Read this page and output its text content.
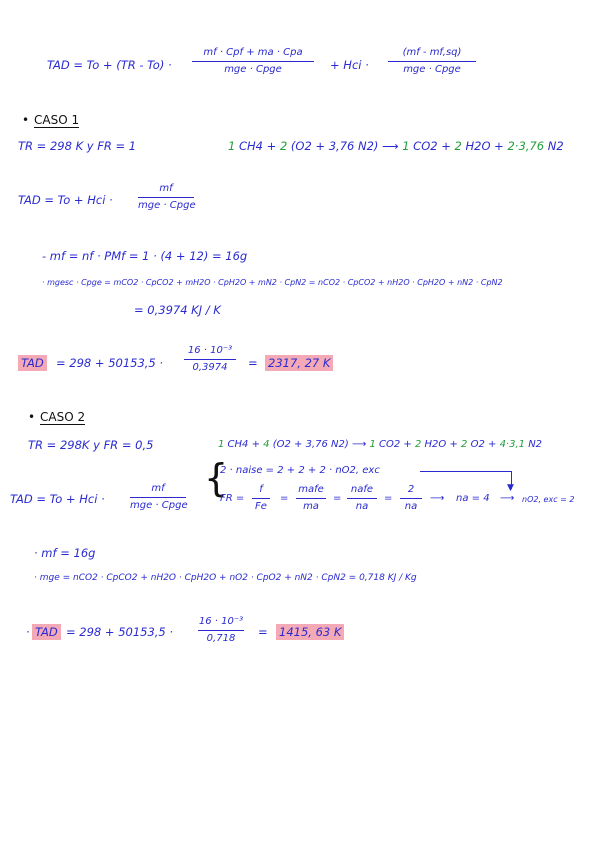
TAD = To + (TR - To) ·
mf · Cpf + ma · Cpa
mge · Cpge	+ Hci ·
(mf - mf,sq)
mge · Cpge
• CASO 1
TR = 298 K y FR = 1	1 CH4 + 2 (O2 + 3,76 N2) ⟶ 1 CO2 + 2 H2O + 2·3,76 N2
TAD = To + Hci ·
mf
mge · Cpge
- mf = nf · PMf = 1 · (4 + 12) = 16g
· mgesc · Cpge = mCO2 · CpCO2 + mH2O · CpH2O + mN2 · CpN2 = nCO2 · CpCO2 + nH2O · CpH2O + nN2 · CpN2
= 0,3974 KJ / K
TAD = 298 + 50153,5 ·
16 · 10⁻³
0,3974	= 2317, 27 K
• CASO 2
TR = 298K y FR = 0,5	1 CH4 + 4 (O2 + 3,76 N2) ⟶ 1 CO2 + 2 H2O + 2 O2 + 4·3,1 N2
TAD = To + Hci ·
mf
mge · Cpge
{
2 · naise = 2 + 2 + 2 · nO2, exc
▼
FR =
f
Fe
=
mafe
ma
=
nafe
na
=
2
na
⟶ na = 4 ⟶ nO2, exc = 2
· mf = 16g
· mge = nCO2 · CpCO2 + nH2O · CpH2O + nO2 · CpO2 + nN2 · CpN2 = 0,718 KJ / Kg
· TAD = 298 + 50153,5 ·
16 · 10⁻³
0,718	= 1415, 63 K
